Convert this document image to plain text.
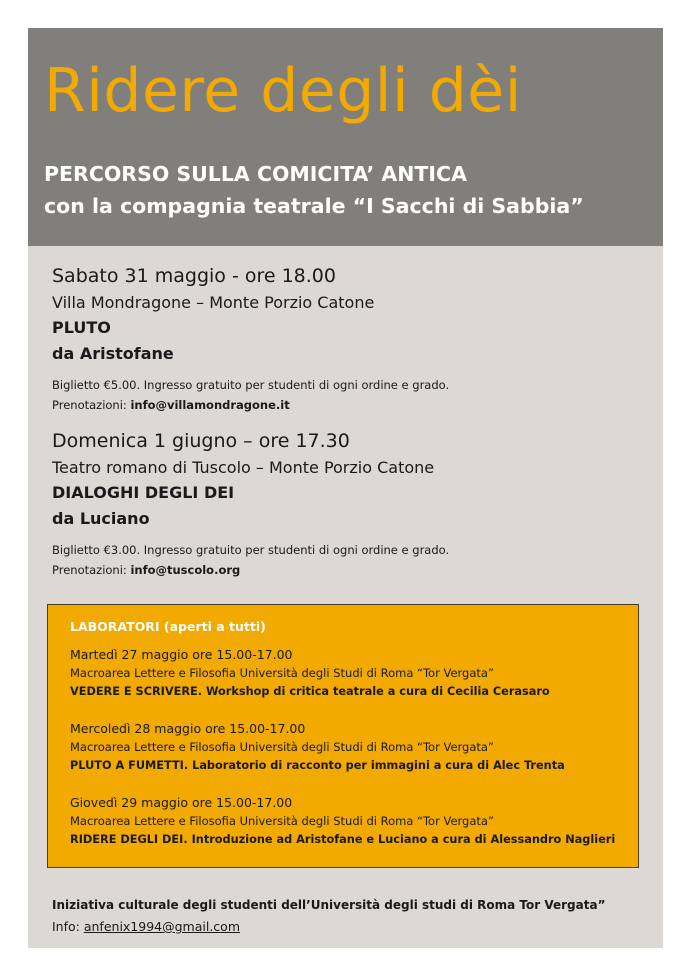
Ridere degli dèi
PERCORSO SULLA COMICITA’ ANTICA
con la compagnia teatrale “I Sacchi di Sabbia”
Sabato 31 maggio - ore 18.00
Villa Mondragone – Monte Porzio Catone
PLUTO
da Aristofane
Biglietto €5.00. Ingresso gratuito per studenti di ogni ordine e grado.
Prenotazioni: info@villamondragone.it
Domenica 1 giugno – ore 17.30
Teatro romano di Tuscolo – Monte Porzio Catone
DIALOGHI DEGLI DEI
da Luciano
Biglietto €3.00. Ingresso gratuito per studenti di ogni ordine e grado.
Prenotazioni: info@tuscolo.org
LABORATORI (aperti a tutti)
Martedì 27 maggio ore 15.00-17.00
Macroarea Lettere e Filosofia Università degli Studi di Roma “Tor Vergata”
VEDERE E SCRIVERE. Workshop di critica teatrale a cura di Cecilia Cerasaro
Mercoledì 28 maggio ore 15.00-17.00
Macroarea Lettere e Filosofia Università degli Studi di Roma “Tor Vergata”
PLUTO A FUMETTI. Laboratorio di racconto per immagini a cura di Alec Trenta
Giovedì 29 maggio ore 15.00-17.00
Macroarea Lettere e Filosofia Università degli Studi di Roma “Tor Vergata”
RIDERE DEGLI DEI. Introduzione ad Aristofane e Luciano a cura di Alessandro Naglieri
Iniziativa culturale degli studenti dell’Università degli studi di Roma Tor Vergata”
Info: anfenix1994@gmail.com
